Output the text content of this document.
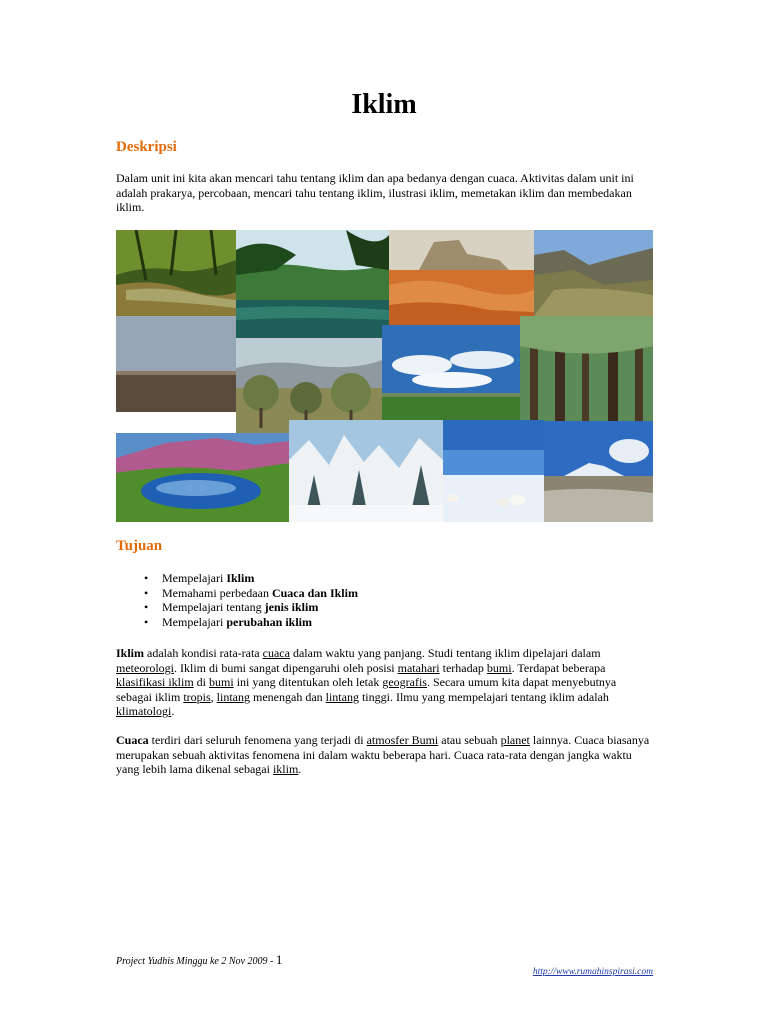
Iklim
Deskripsi

Dalam unit ini kita akan mencari tahu tentang iklim dan apa bedanya dengan cuaca. Aktivitas dalam unit ini adalah prakarya, percobaan, mencari tahu tentang iklim, ilustrasi iklim, memetakan iklim dan membedakan iklim.

Tujuan
• Mempelajari Iklim
• Memahami perbedaan Cuaca dan Iklim
• Mempelajari tentang jenis iklim
• Mempelajari perubahan iklim

Iklim adalah kondisi rata-rata cuaca dalam waktu yang panjang. Studi tentang iklim dipelajari dalam meteorologi. Iklim di bumi sangat dipengaruhi oleh posisi matahari terhadap bumi. Terdapat beberapa klasifikasi iklim di bumi ini yang ditentukan oleh letak geografis. Secara umum kita dapat menyebutnya sebagai iklim tropis, lintang menengah dan lintang tinggi. Ilmu yang mempelajari tentang iklim adalah klimatologi.

Cuaca terdiri dari seluruh fenomena yang terjadi di atmosfer Bumi atau sebuah planet lainnya. Cuaca biasanya merupakan sebuah aktivitas fenomena ini dalam waktu beberapa hari. Cuaca rata-rata dengan jangka waktu yang lebih lama dikenal sebagai iklim.

Project Yudhis Minggu ke 2 Nov 2009 - 1
http://www.rumahinspirasi.com
